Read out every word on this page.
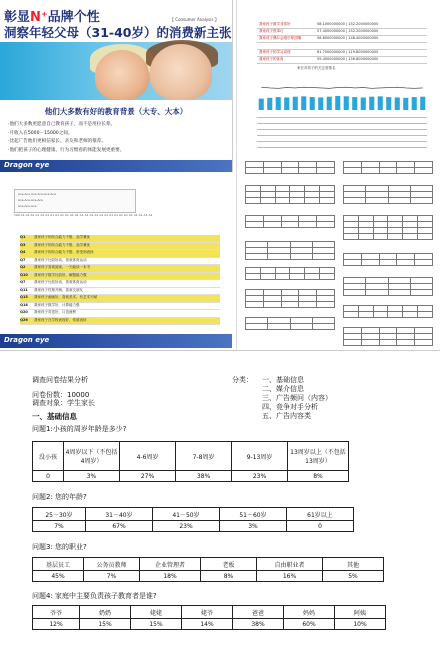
彰显N⁺品牌个性	【 Consumer Analysis 】
洞察年轻父母（31-40岁）的消费新主张
他们大多数有好的教育背景（大专、大本）
·他们大多数更愿意自己教育孩子，而不是用拉长辈。
·月收入在5000－15000之间。
·比起广告他们更相信家长、亲友和老师的推荐。
·他们把孩子的心理健康、行为习惯看的体能发展更重要。
Dragon eye
Ace-Ace Ace Ace-Ace-Ace
Ace-Ace-Ace-Ace
Ace-Ace-Ace
100 A1 A1 A1 A1 A1 A1 A1 A1 A1 A1 A1 A1 A1 A1 A1 A1 A1 A1 A1 A1 A1 A1 A1 A1 A1 A1 A1
Q1 我家孩子的综合能力不错，品学兼优
Q3 我家孩子的综合能力不错，品学兼优
Q4 我家孩子的综合能力不错，常受到表扬
Q7 我家孩子比较好动，喜欢体育运动
Q2 我家孩子喜欢阅读，一天能读一本书
Q10 我家孩子数学比较好，解题能力强
Q7 我家孩子比较好动，喜欢体育运动
Q11 我家孩子性格开朗，喜欢交朋友
Q15 我家孩子画画好，喜欢美术，有艺术天赋
Q18 我家孩子数学好，计算能力强
Q20 我家孩子英语好，口语流利
Q26 我家孩子在学校表现好，常被表扬
Dragon eye
我家孩子数学非常好	58.1000000000 | 152.2000000000
我家孩子很乖巧	57.4000000000 | 152.2000000000
我家孩子偶尔会跟长辈顶嘴	56.6000000000 | 148.4000000000
我家孩子的学习成绩	61.7000000000 | 119.8000000000
我家孩子的体育	59.4000000000 | 156.8000000000
家长对孩子的关注度排名

调查问卷结果分析
问卷份数：10000
调查对象：学生家长
分类： 一、基础信息
二、媒介信息
三、广告频问（内容）
四、竞争对手分析
五、广告内容类
一、基础信息
问题1:小孩的周岁年龄是多少?
没小孩	4周岁以下（不包括4周岁）	4-6周岁	7-8周岁	9-13周岁	13周岁以上（不包括13周岁）
0	3%	27%	38%	23%	8%
问题2: 您的年龄?
25－30岁	31－40岁	41－50岁	51－60岁	61岁以上
7%	67%	23%	3%	0
问题3: 您的职业?
基层员工	公务员教师	企业管理者	老板	自由职业者	其他
45%	7%	18%	8%	16%	5%
问题4: 家庭中主要负责孩子教育者是谁?
爷爷	奶奶	姥姥	姥爷	爸爸	妈妈	阿姨
12%	15%	15%	14%	38%	60%	10%
